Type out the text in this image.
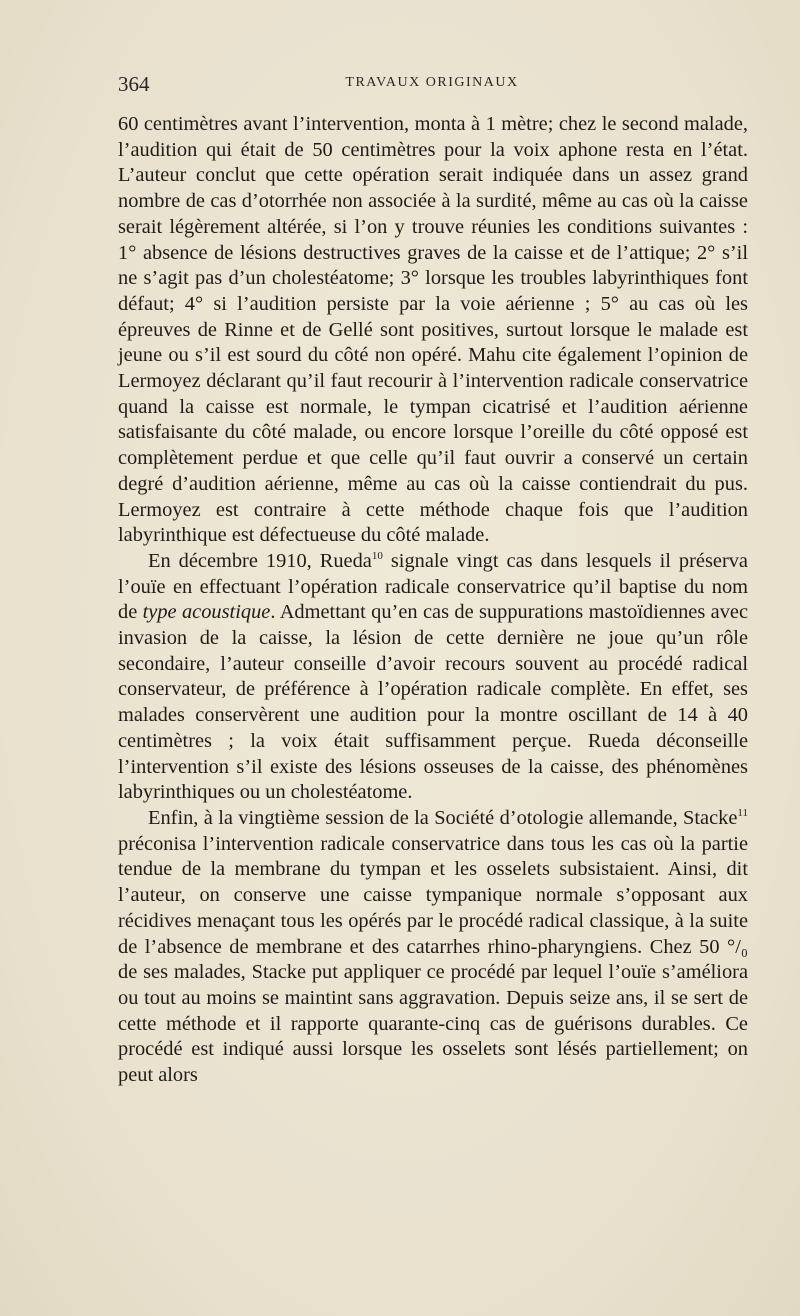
364	TRAVAUX ORIGINAUX

60 centimètres avant l’intervention, monta à 1 mètre; chez le second malade, l’audition qui était de 50 centimètres pour la voix aphone resta en l’état. L’auteur conclut que cette opération serait indiquée dans un assez grand nombre de cas d’otorrhée non associée à la surdité, même au cas où la caisse serait légèrement altérée, si l’on y trouve réunies les conditions suivantes : 1° absence de lésions destructives graves de la caisse et de l’attique; 2° s’il ne s’agit pas d’un cholestéatome; 3° lorsque les troubles labyrinthiques font défaut; 4° si l’audition persiste par la voie aérienne ; 5° au cas où les épreuves de Rinne et de Gellé sont positives, surtout lorsque le malade est jeune ou s’il est sourd du côté non opéré. Mahu cite également l’opinion de Lermoyez déclarant qu’il faut recourir à l’intervention radicale conservatrice quand la caisse est normale, le tympan cicatrisé et l’audition aérienne satisfaisante du côté malade, ou encore lorsque l’oreille du côté opposé est complètement perdue et que celle qu’il faut ouvrir a conservé un certain degré d’audition aérienne, même au cas où la caisse contiendrait du pus. Lermoyez est contraire à cette méthode chaque fois que l’audition labyrinthique est défectueuse du côté malade.

En décembre 1910, Rueda$^{10}$ signale vingt cas dans lesquels il préserva l’ouïe en effectuant l’opération radicale conservatrice qu’il baptise du nom de type acoustique. Admettant qu’en cas de suppurations mastoïdiennes avec invasion de la caisse, la lésion de cette dernière ne joue qu’un rôle secondaire, l’auteur conseille d’avoir recours souvent au procédé radical conservateur, de préférence à l’opération radicale complète. En effet, ses malades conservèrent une audition pour la montre oscillant de 14 à 40 centimètres ; la voix était suffisamment perçue. Rueda déconseille l’intervention s’il existe des lésions osseuses de la caisse, des phénomènes labyrinthiques ou un cholestéatome.

Enfin, à la vingtième session de la Société d’otologie allemande, Stacke$^{11}$ préconisa l’intervention radicale conservatrice dans tous les cas où la partie tendue de la membrane du tympan et les osselets subsistaient. Ainsi, dit l’auteur, on conserve une caisse tympanique normale s’opposant aux récidives menaçant tous les opérés par le procédé radical classique, à la suite de l’absence de membrane et des catarrhes rhino-pharyngiens. Chez 50 °/₀ de ses malades, Stacke put appliquer ce procédé par lequel l’ouïe s’améliora ou tout au moins se maintint sans aggravation. Depuis seize ans, il se sert de cette méthode et il rapporte quarante-cinq cas de guérisons durables. Ce procédé est indiqué aussi lorsque les osselets sont lésés partiellement; on peut alors
